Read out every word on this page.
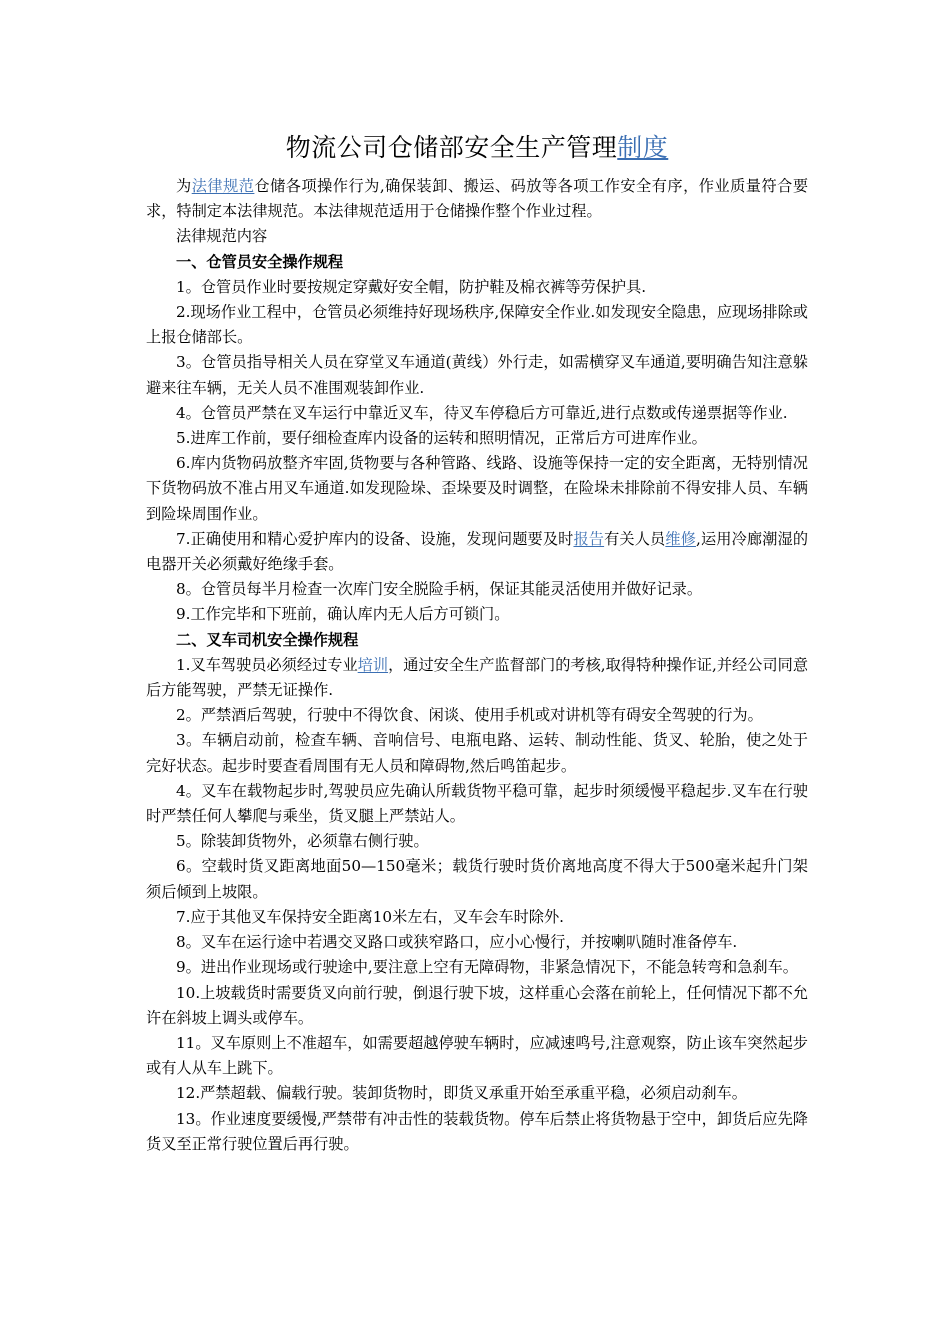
物流公司仓储部安全生产管理制度

为法律规范仓储各项操作行为,确保装卸、搬运、码放等各项工作安全有序，作业质量符合要求，特制定本法律规范。本法律规范适用于仓储操作整个作业过程。

法律规范内容

一、仓管员安全操作规程

1。仓管员作业时要按规定穿戴好安全帽，防护鞋及棉衣裤等劳保护具.

2.现场作业工程中，仓管员必须维持好现场秩序,保障安全作业.如发现安全隐患，应现场排除或上报仓储部长。

3。仓管员指导相关人员在穿堂叉车通道(黄线）外行走，如需横穿叉车通道,要明确告知注意躲避来往车辆，无关人员不准围观装卸作业.

4。仓管员严禁在叉车运行中靠近叉车，待叉车停稳后方可靠近,进行点数或传递票据等作业.

5.进库工作前，要仔细检查库内设备的运转和照明情况，正常后方可进库作业。

6.库内货物码放整齐牢固,货物要与各种管路、线路、设施等保持一定的安全距离，无特别情况下货物码放不准占用叉车通道.如发现险垛、歪垛要及时调整，在险垛未排除前不得安排人员、车辆到险垛周围作业。

7.正确使用和精心爱护库内的设备、设施，发现问题要及时报告有关人员维修,运用冷廊潮湿的电器开关必须戴好绝缘手套。

8。仓管员每半月检查一次库门安全脱险手柄，保证其能灵活使用并做好记录。

9.工作完毕和下班前，确认库内无人后方可锁门。

二、叉车司机安全操作规程

1.叉车驾驶员必须经过专业培训，通过安全生产监督部门的考核,取得特种操作证,并经公司同意后方能驾驶，严禁无证操作.

2。严禁酒后驾驶，行驶中不得饮食、闲谈、使用手机或对讲机等有碍安全驾驶的行为。

3。车辆启动前，检查车辆、音响信号、电瓶电路、运转、制动性能、货叉、轮胎，使之处于完好状态。起步时要查看周围有无人员和障碍物,然后鸣笛起步。

4。叉车在载物起步时,驾驶员应先确认所载货物平稳可靠，起步时须缓慢平稳起步.叉车在行驶时严禁任何人攀爬与乘坐，货叉腿上严禁站人。

5。除装卸货物外，必须靠右侧行驶。

6。空载时货叉距离地面50—150毫米；载货行驶时货价离地高度不得大于500毫米起升门架须后倾到上坡限。

7.应于其他叉车保持安全距离10米左右，叉车会车时除外.

8。叉车在运行途中若遇交叉路口或狭窄路口，应小心慢行，并按喇叭随时准备停车.

9。进出作业现场或行驶途中,要注意上空有无障碍物，非紧急情况下，不能急转弯和急刹车。

10.上坡载货时需要货叉向前行驶，倒退行驶下坡，这样重心会落在前轮上，任何情况下都不允许在斜坡上调头或停车。

11。叉车原则上不准超车，如需要超越停驶车辆时，应减速鸣号,注意观察，防止该车突然起步或有人从车上跳下。

12.严禁超载、偏载行驶。装卸货物时，即货叉承重开始至承重平稳，必须启动刹车。

13。作业速度要缓慢,严禁带有冲击性的装载货物。停车后禁止将货物悬于空中，卸货后应先降货叉至正常行驶位置后再行驶。
